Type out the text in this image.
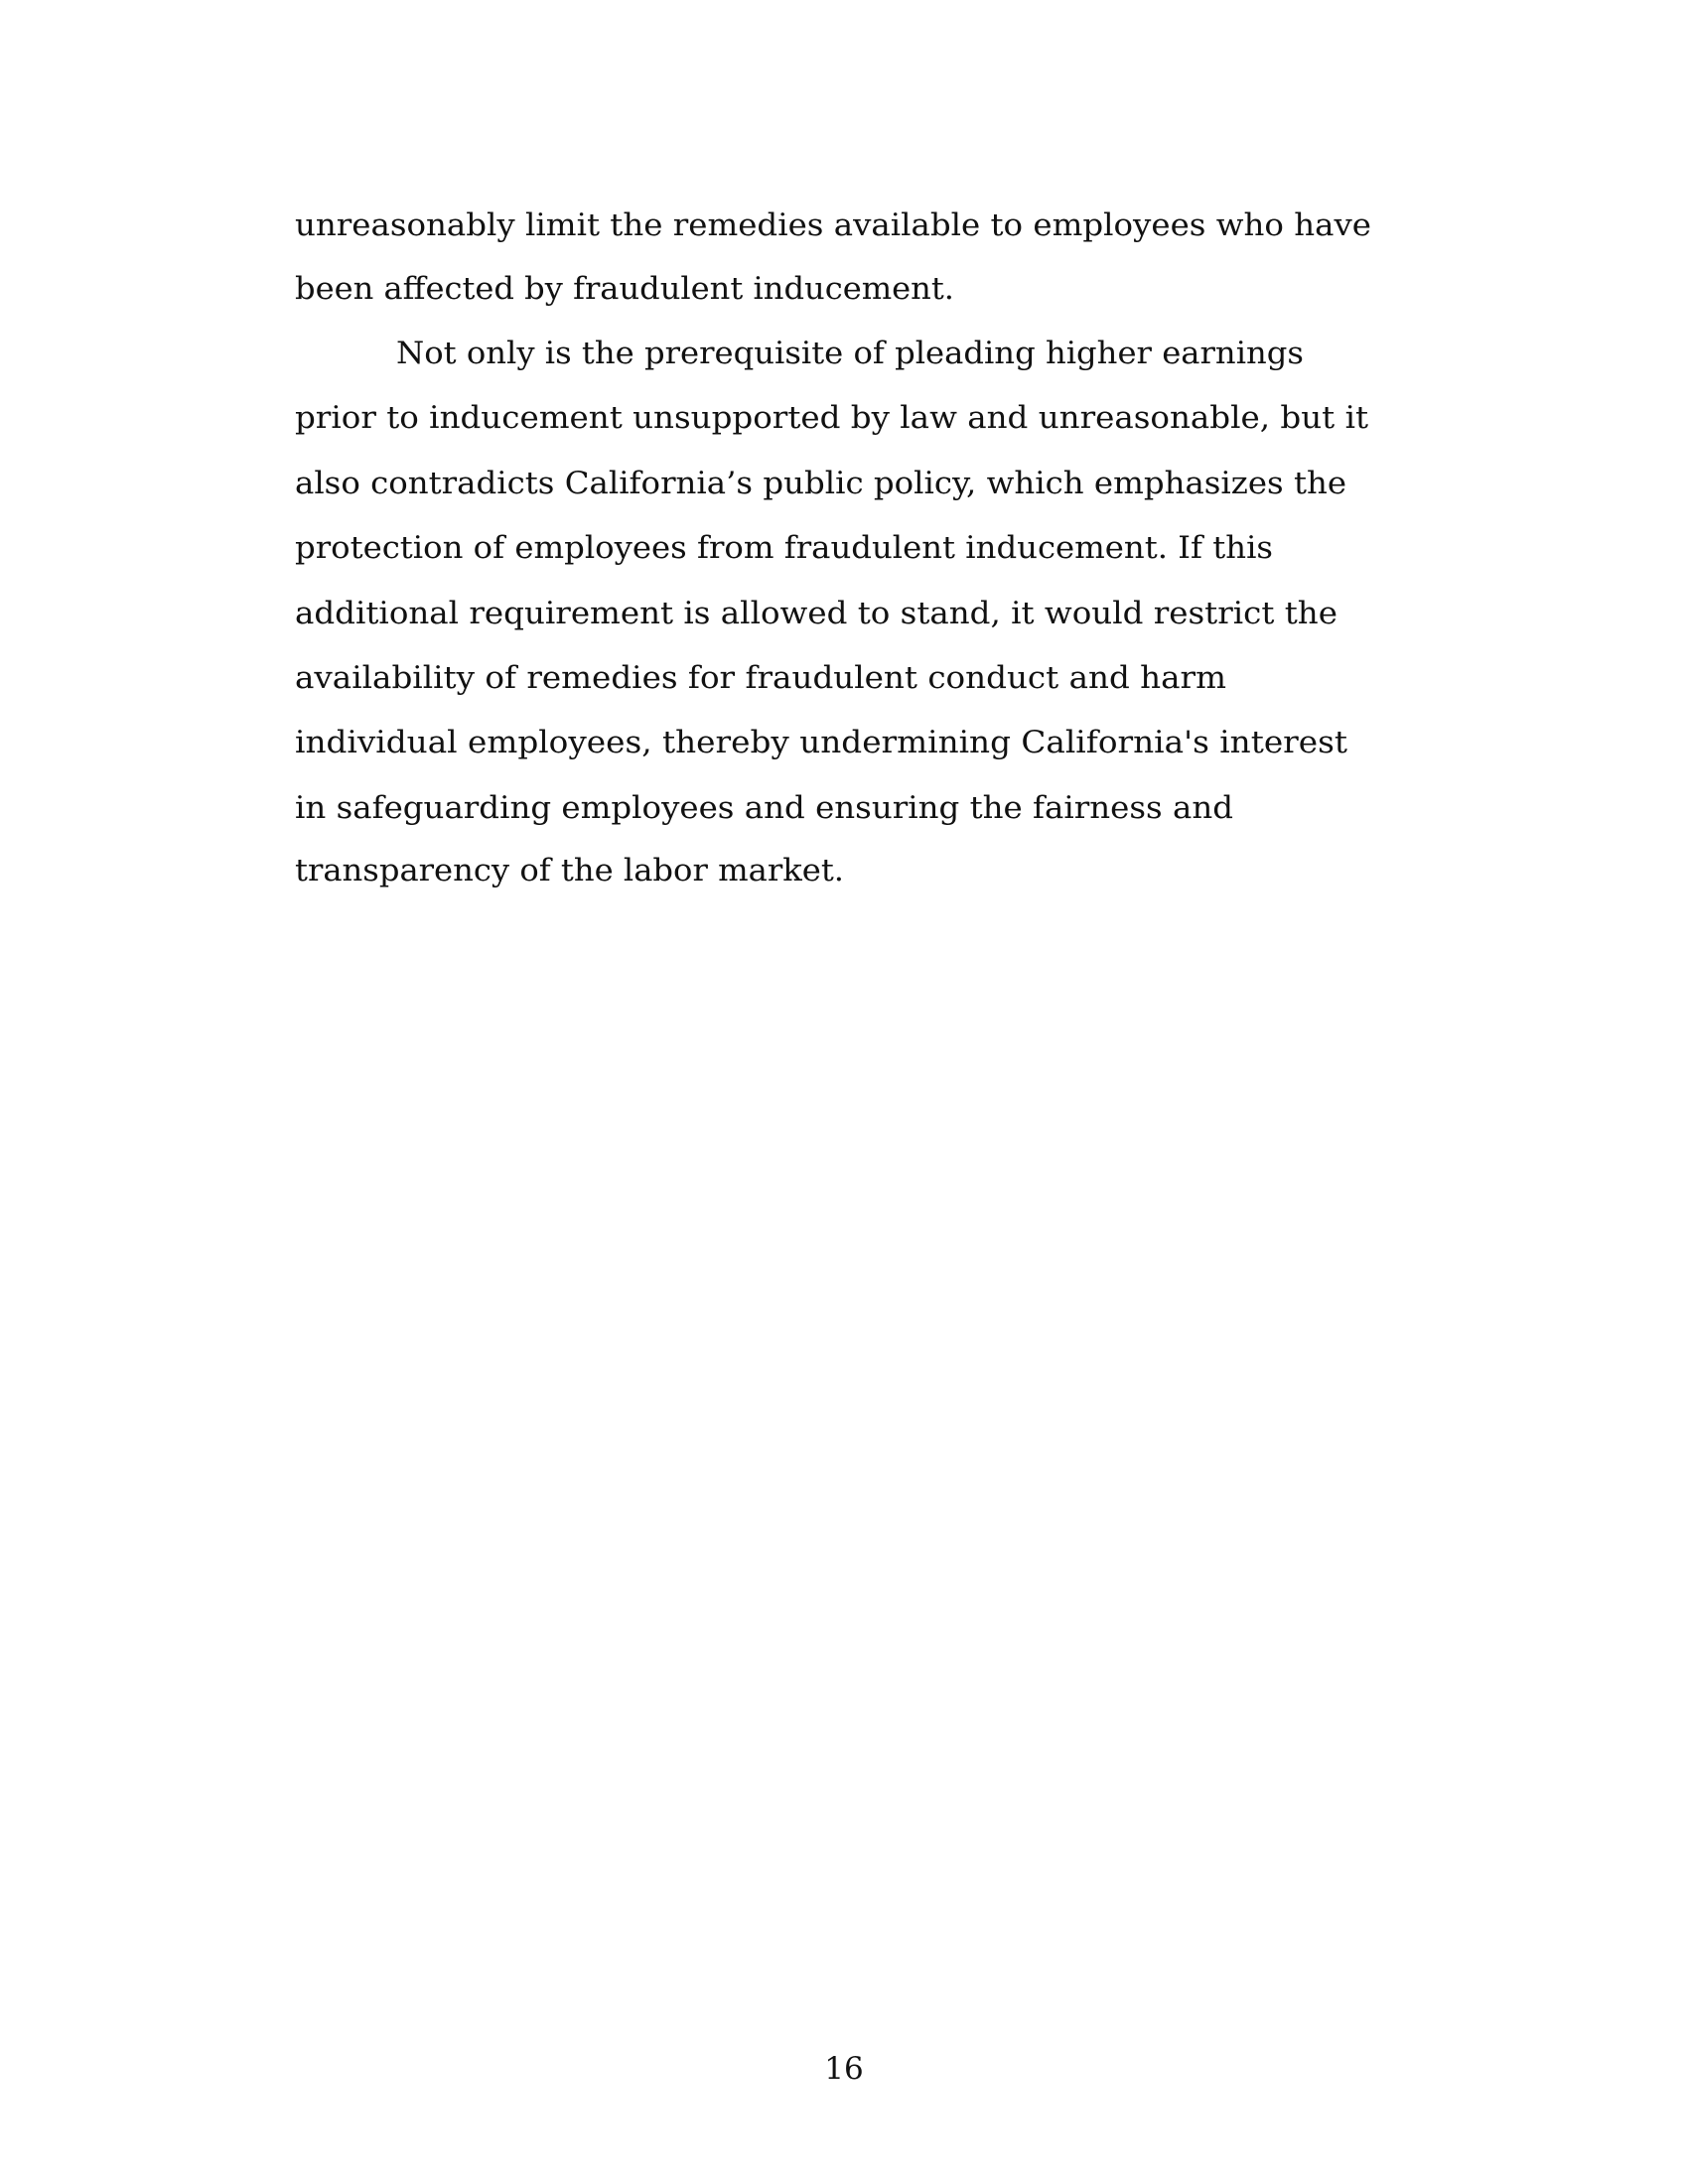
unreasonably limit the remedies available to employees who have
been affected by fraudulent inducement.
Not only is the prerequisite of pleading higher earnings
prior to inducement unsupported by law and unreasonable, but it
also contradicts California’s public policy, which emphasizes the
protection of employees from fraudulent inducement. If this
additional requirement is allowed to stand, it would restrict the
availability of remedies for fraudulent conduct and harm
individual employees, thereby undermining California's interest
in safeguarding employees and ensuring the fairness and
transparency of the labor market.
16
